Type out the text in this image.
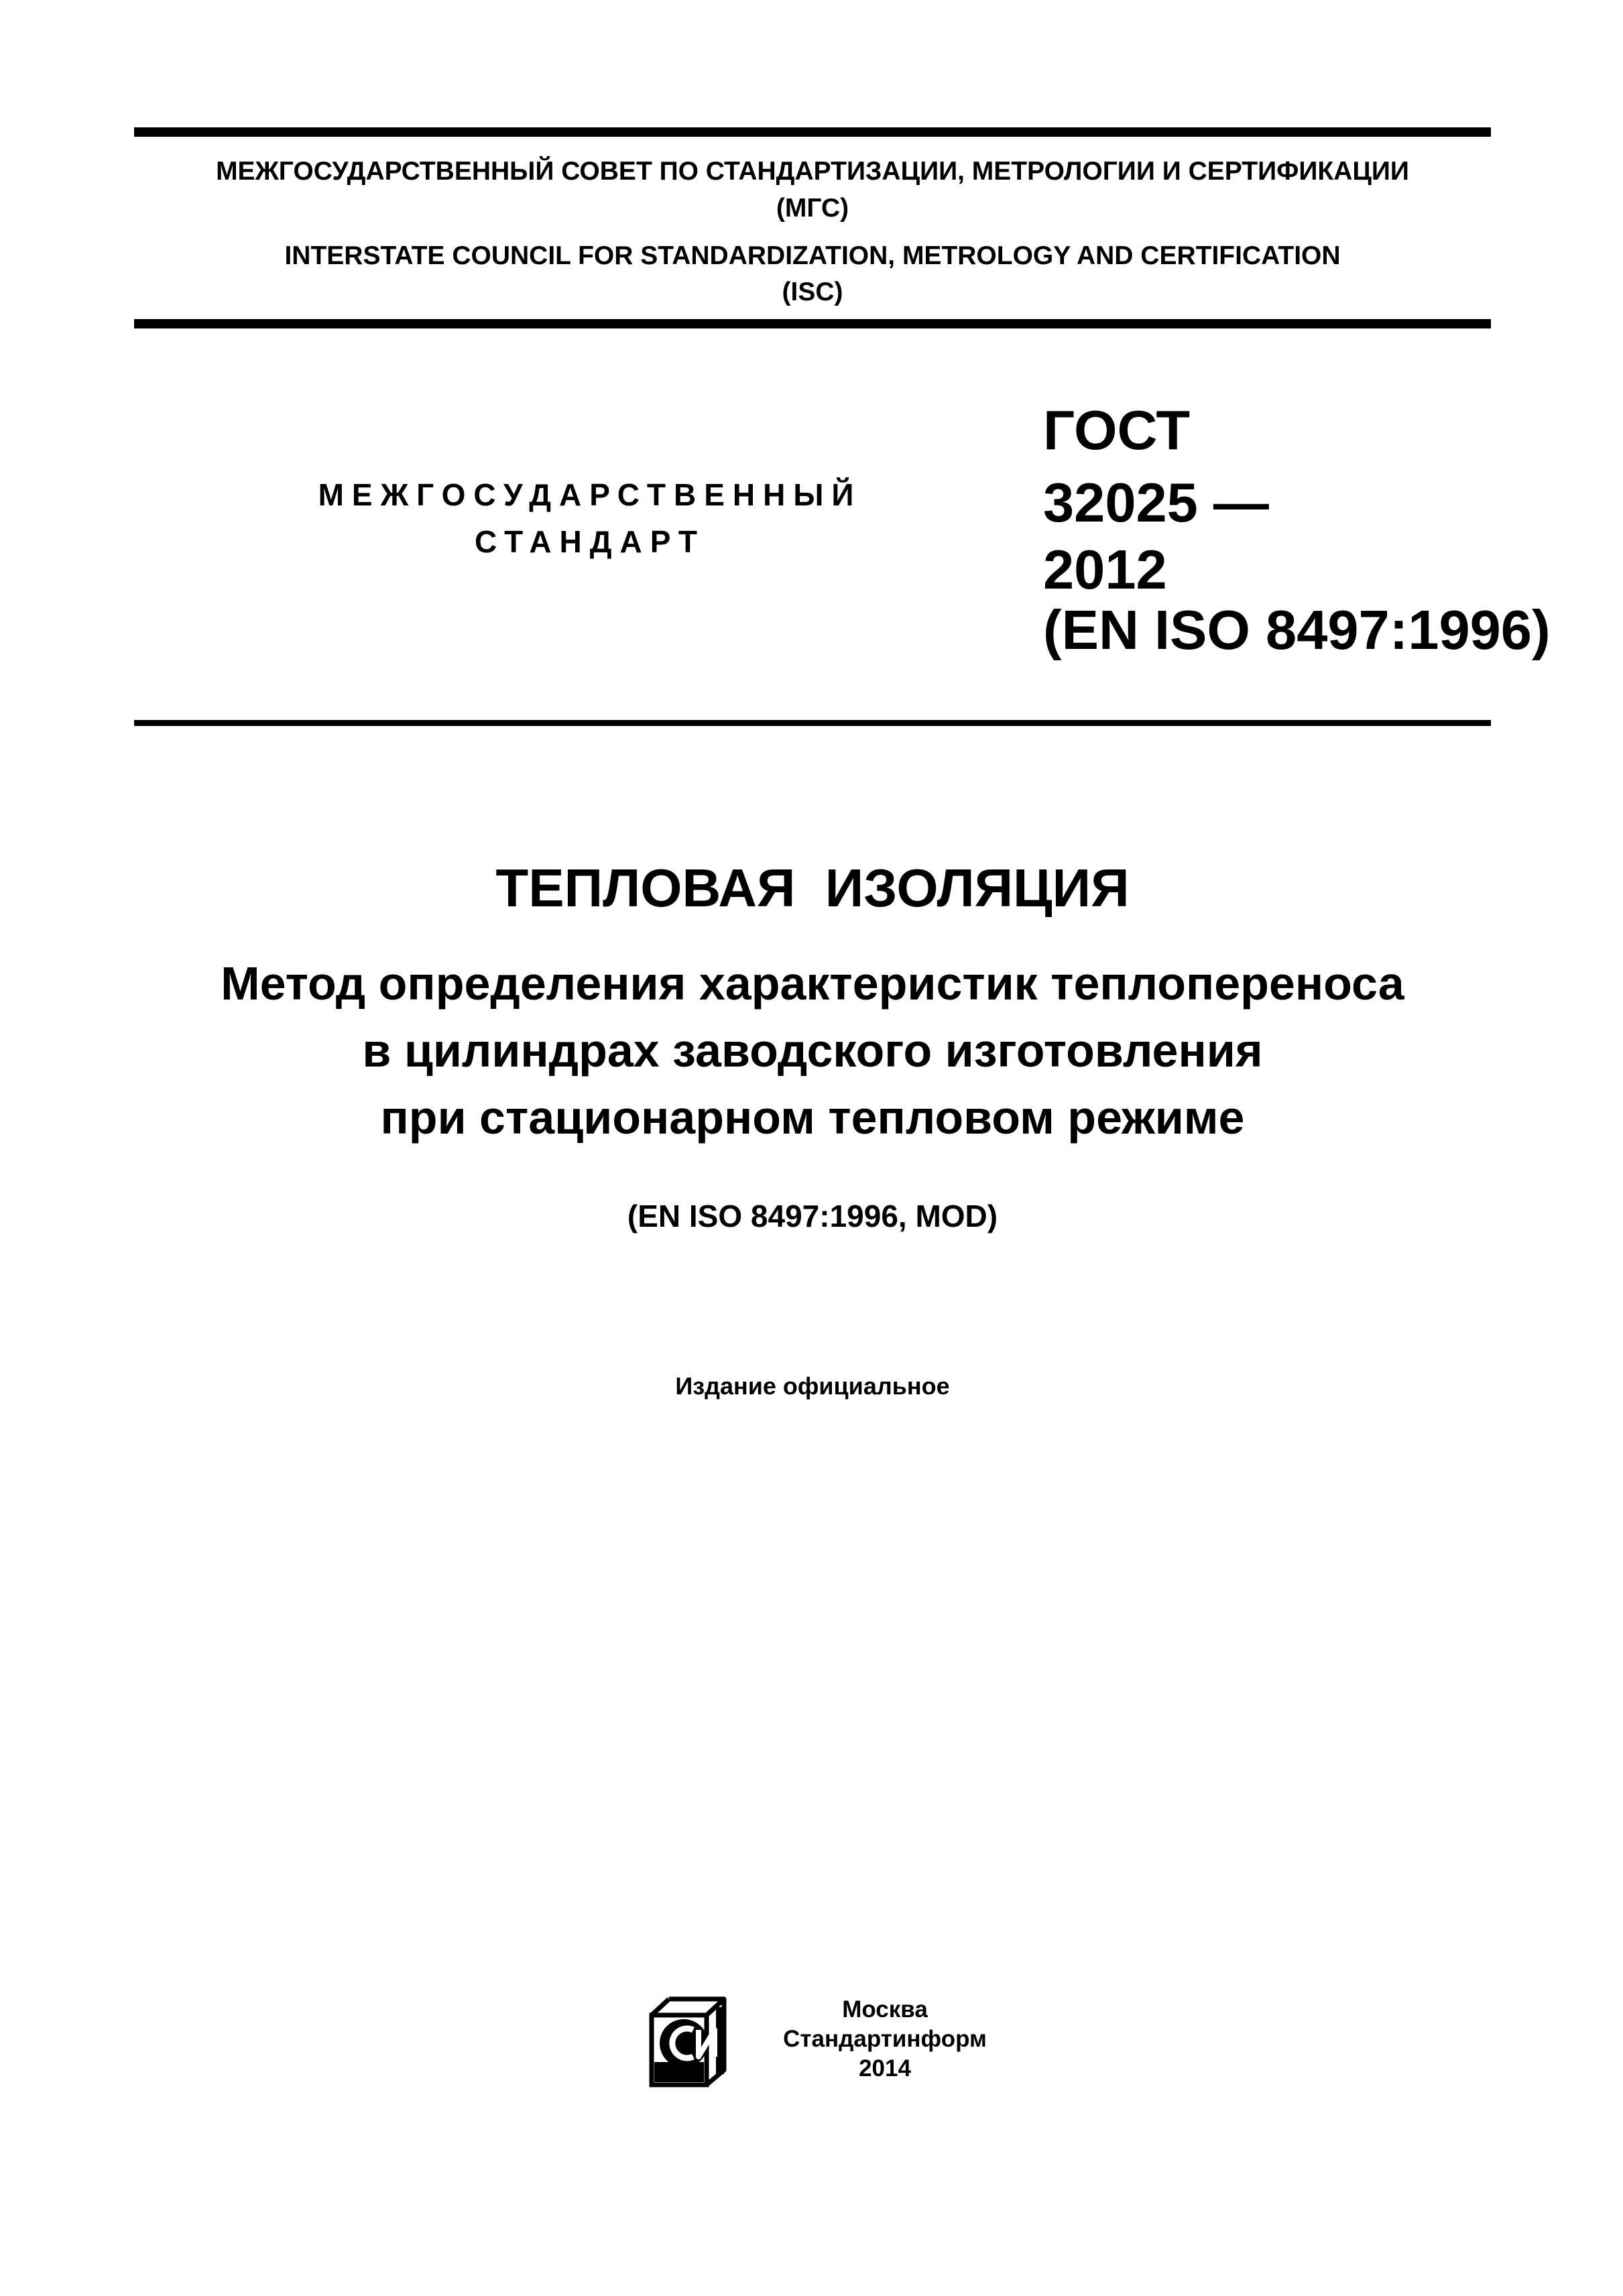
МЕЖГОСУДАРСТВЕННЫЙ СОВЕТ ПО СТАНДАРТИЗАЦИИ, МЕТРОЛОГИИ И СЕРТИФИКАЦИИ
(МГС)
INTERSTATE COUNCIL FOR STANDARDIZATION, METROLOGY AND CERTIFICATION
(ISC)
МЕЖГОСУДАРСТВЕННЫЙ
СТАНДАРТ
ГОСТ
32025 —
2012
(EN ISO 8497:1996)
ТЕПЛОВАЯ ИЗОЛЯЦИЯ
Метод определения характеристик теплопереноса
в цилиндрах заводского изготовления
при стационарном тепловом режиме
(EN ISO 8497:1996, MOD)
Издание официальное
Москва
Стандартинформ
2014
